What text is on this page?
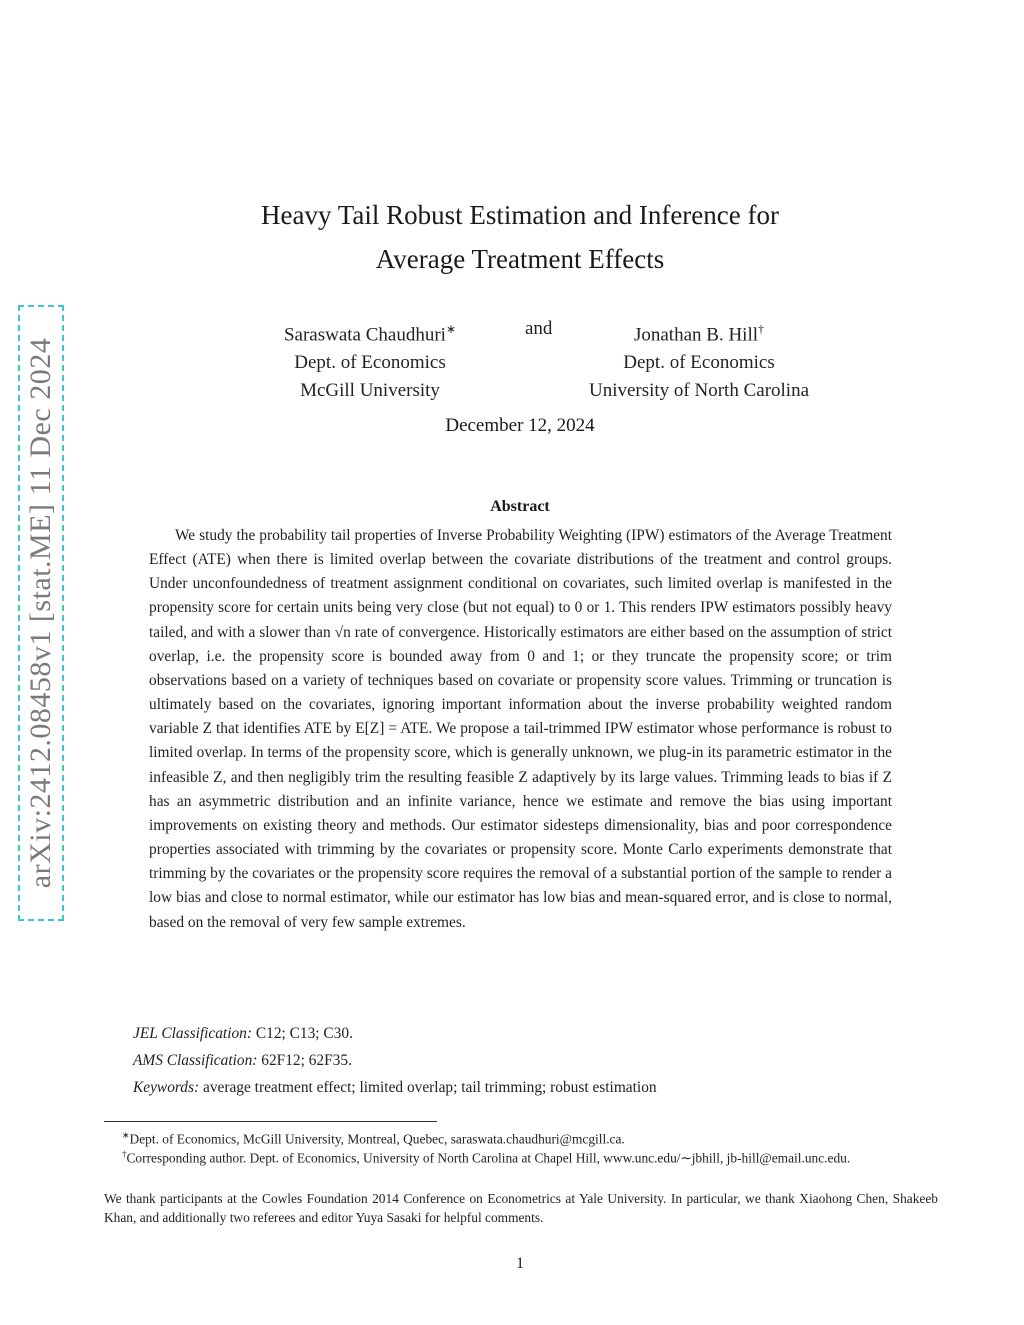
arXiv:2412.08458v1 [stat.ME] 11 Dec 2024
Heavy Tail Robust Estimation and Inference for
Average Treatment Effects
Saraswata Chaudhuri∗
Dept. of Economics
McGill University
and	Jonathan B. Hill†
Dept. of Economics
University of North Carolina
December 12, 2024
Abstract
We study the probability tail properties of Inverse Probability Weighting (IPW) estimators of the Average Treatment Effect (ATE) when there is limited overlap between the covariate distributions of the treatment and control groups. Under unconfoundedness of treatment assignment conditional on covariates, such limited overlap is manifested in the propensity score for certain units being very close (but not equal) to 0 or 1. This renders IPW estimators possibly heavy tailed, and with a slower than √n rate of convergence. Historically estimators are either based on the assumption of strict overlap, i.e. the propensity score is bounded away from 0 and 1; or they truncate the propensity score; or trim observations based on a variety of techniques based on covariate or propensity score values. Trimming or truncation is ultimately based on the covariates, ignoring important information about the inverse probability weighted random variable Z that identifies ATE by E[Z] = ATE. We propose a tail-trimmed IPW estimator whose performance is robust to limited overlap. In terms of the propensity score, which is generally unknown, we plug-in its parametric estimator in the infeasible Z, and then negligibly trim the resulting feasible Z adaptively by its large values. Trimming leads to bias if Z has an asymmetric distribution and an infinite variance, hence we estimate and remove the bias using important improvements on existing theory and methods. Our estimator sidesteps dimensionality, bias and poor correspondence properties associated with trimming by the covariates or propensity score. Monte Carlo experiments demonstrate that trimming by the covariates or the propensity score requires the removal of a substantial portion of the sample to render a low bias and close to normal estimator, while our estimator has low bias and mean-squared error, and is close to normal, based on the removal of very few sample extremes.
JEL Classification: C12; C13; C30.
AMS Classification: 62F12; 62F35.
Keywords: average treatment effect; limited overlap; tail trimming; robust estimation
∗Dept. of Economics, McGill University, Montreal, Quebec, saraswata.chaudhuri@mcgill.ca.
†Corresponding author. Dept. of Economics, University of North Carolina at Chapel Hill, www.unc.edu/∼jbhill, jb-hill@email.unc.edu.
We thank participants at the Cowles Foundation 2014 Conference on Econometrics at Yale University. In particular, we thank Xiaohong Chen, Shakeeb Khan, and additionally two referees and editor Yuya Sasaki for helpful comments.
1
